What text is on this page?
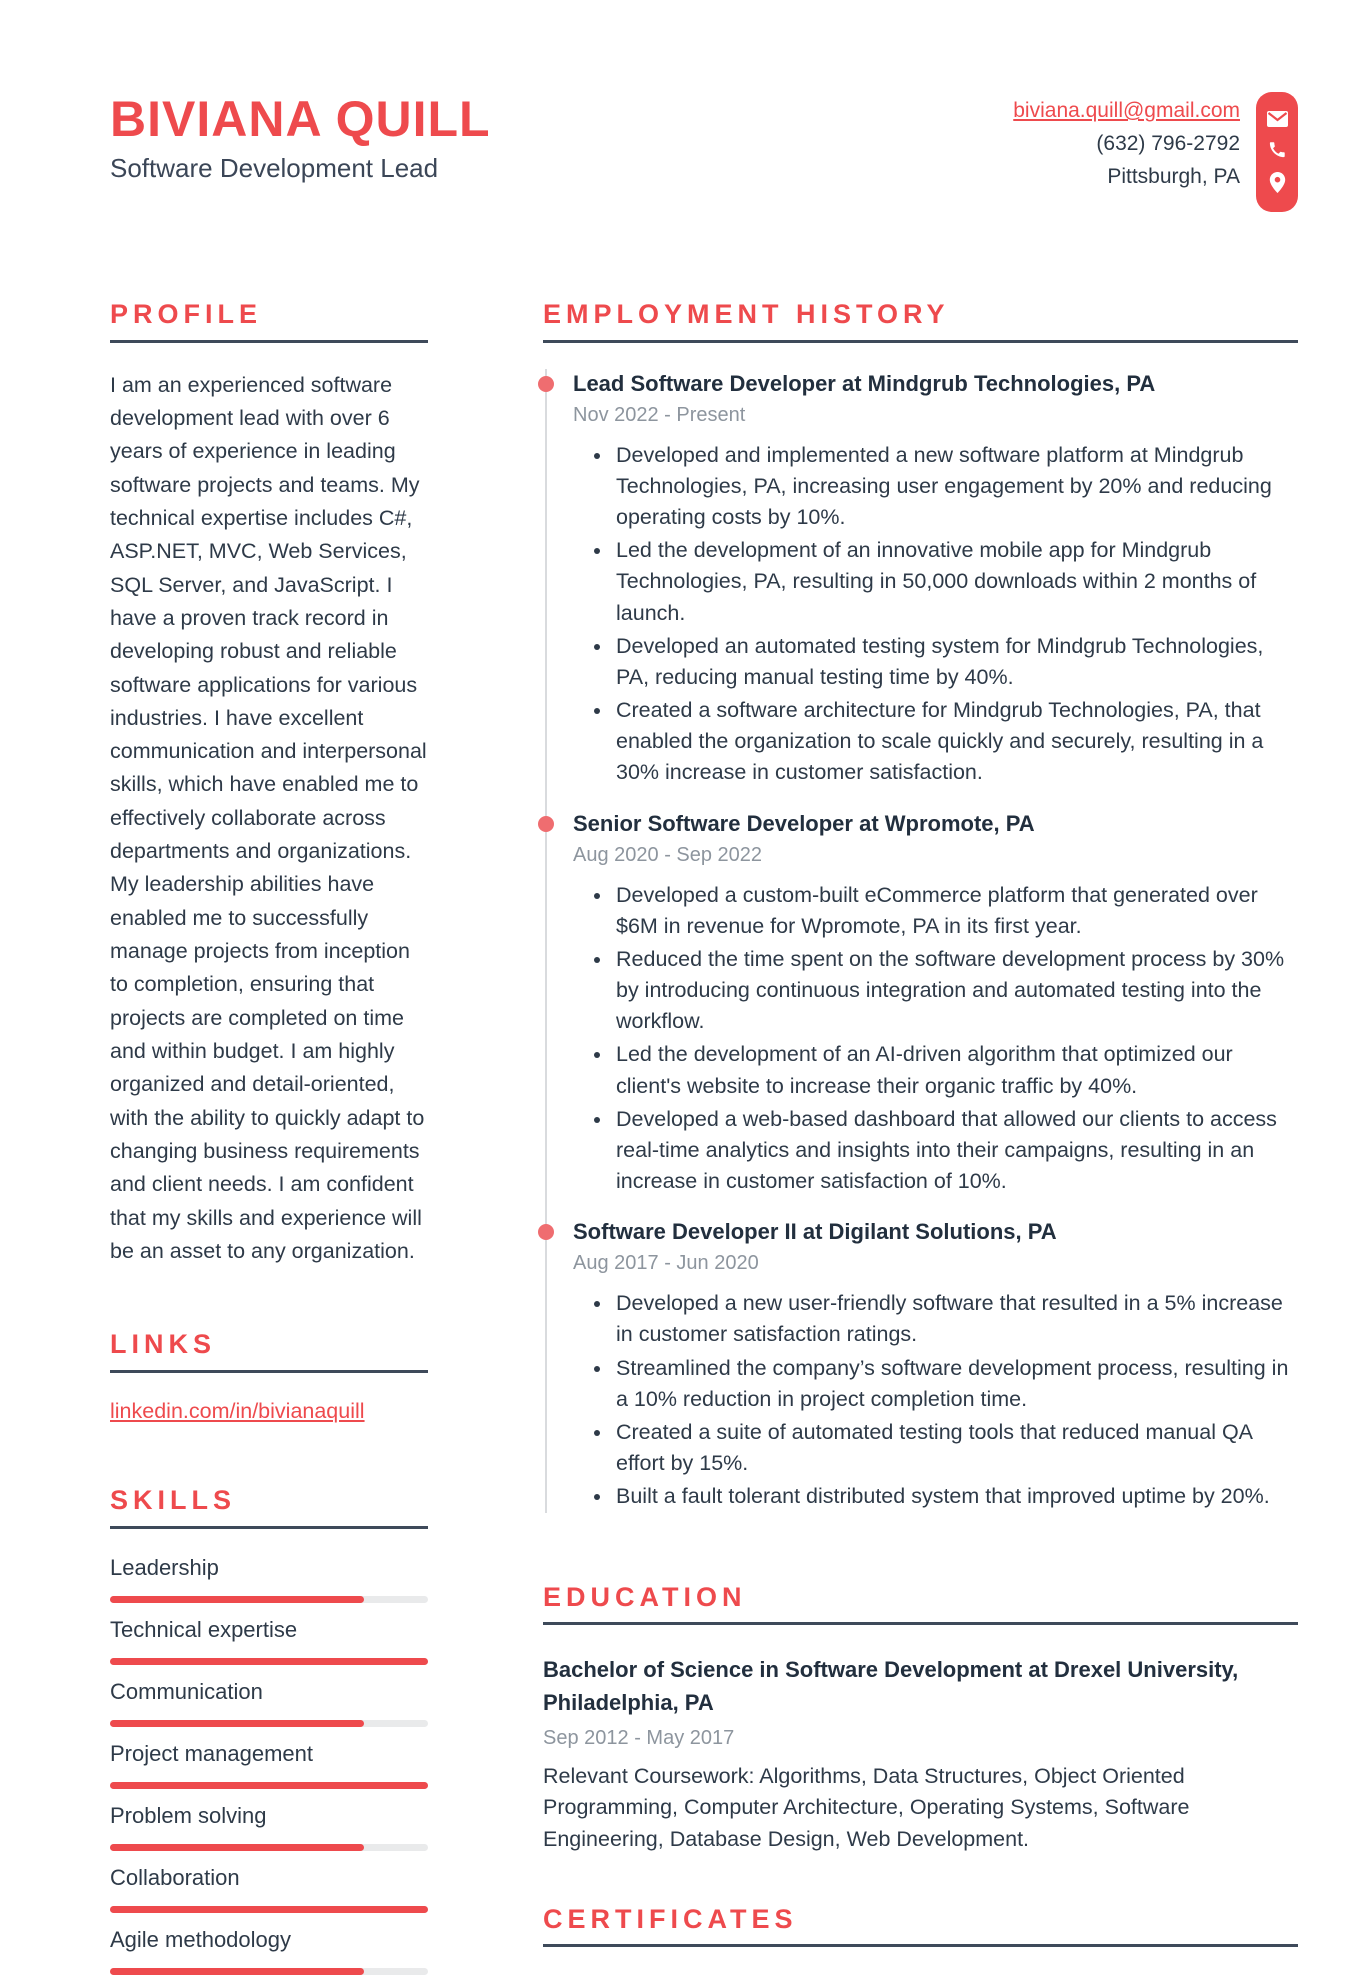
BIVIANA QUILL
Software Development Lead
biviana.quill@gmail.com
(632) 796-2792
Pittsburgh, PA
PROFILE

I am an experienced software development lead with over 6 years of experience in leading software projects and teams. My technical expertise includes C#, ASP.NET, MVC, Web Services, SQL Server, and JavaScript. I have a proven track record in developing robust and reliable software applications for various industries. I have excellent communication and interpersonal skills, which have enabled me to effectively collaborate across departments and organizations. My leadership abilities have enabled me to successfully manage projects from inception to completion, ensuring that projects are completed on time and within budget. I am highly organized and detail-oriented, with the ability to quickly adapt to changing business requirements and client needs. I am confident that my skills and experience will be an asset to any organization.

LINKS
linkedin.com/in/bivianaquill
SKILLS
Leadership
Technical expertise
Communication
Project management
Problem solving
Collaboration
Agile methodology
EMPLOYMENT HISTORY
Lead Software Developer at Mindgrub Technologies, PA
Nov 2022 - Present
• Developed and implemented a new software platform at Mindgrub Technologies, PA, increasing user engagement by 20% and reducing operating costs by 10%.
• Led the development of an innovative mobile app for Mindgrub Technologies, PA, resulting in 50,000 downloads within 2 months of launch.
• Developed an automated testing system for Mindgrub Technologies, PA, reducing manual testing time by 40%.
• Created a software architecture for Mindgrub Technologies, PA, that enabled the organization to scale quickly and securely, resulting in a 30% increase in customer satisfaction.
Senior Software Developer at Wpromote, PA
Aug 2020 - Sep 2022
• Developed a custom-built eCommerce platform that generated over $6M in revenue for Wpromote, PA in its first year.
• Reduced the time spent on the software development process by 30% by introducing continuous integration and automated testing into the workflow.
• Led the development of an AI-driven algorithm that optimized our client's website to increase their organic traffic by 40%.
• Developed a web-based dashboard that allowed our clients to access real-time analytics and insights into their campaigns, resulting in an increase in customer satisfaction of 10%.
Software Developer II at Digilant Solutions, PA
Aug 2017 - Jun 2020
• Developed a new user-friendly software that resulted in a 5% increase in customer satisfaction ratings.
• Streamlined the company’s software development process, resulting in a 10% reduction in project completion time.
• Created a suite of automated testing tools that reduced manual QA effort by 15%.
• Built a fault tolerant distributed system that improved uptime by 20%.
EDUCATION
Bachelor of Science in Software Development at Drexel University, Philadelphia, PA
Sep 2012 - May 2017
Relevant Coursework: Algorithms, Data Structures, Object Oriented Programming, Computer Architecture, Operating Systems, Software Engineering, Database Design, Web Development.
CERTIFICATES
